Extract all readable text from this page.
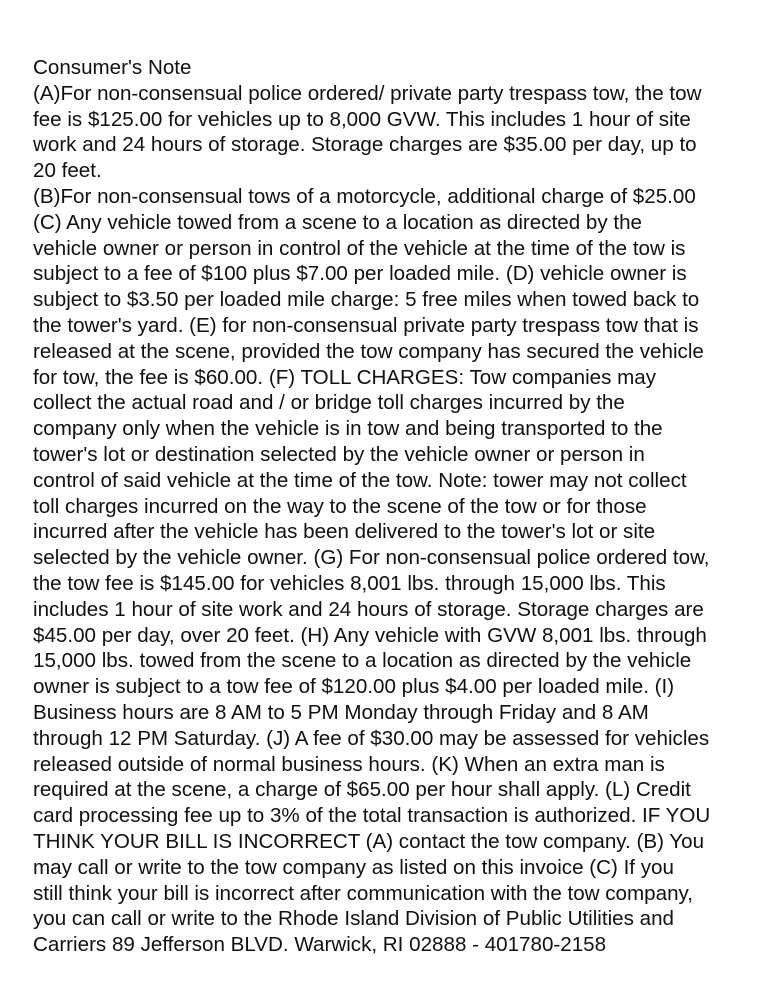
Consumer's Note
(A)For non-consensual police ordered/ private party trespass tow, the tow
fee is $125.00 for vehicles up to 8,000 GVW. This includes 1 hour of site
work and 24 hours of storage. Storage charges are $35.00 per day, up to
20 feet.
(B)For non-consensual tows of a motorcycle, additional charge of $25.00
(C) Any vehicle towed from a scene to a location as directed by the
vehicle owner or person in control of the vehicle at the time of the tow is
subject to a fee of $100 plus $7.00 per loaded mile. (D) vehicle owner is
subject to $3.50 per loaded mile charge: 5 free miles when towed back to
the tower's yard. (E) for non-consensual private party trespass tow that is
released at the scene, provided the tow company has secured the vehicle
for tow, the fee is $60.00. (F) TOLL CHARGES: Tow companies may
collect the actual road and / or bridge toll charges incurred by the
company only when the vehicle is in tow and being transported to the
tower's lot or destination selected by the vehicle owner or person in
control of said vehicle at the time of the tow. Note: tower may not collect
toll charges incurred on the way to the scene of the tow or for those
incurred after the vehicle has been delivered to the tower's lot or site
selected by the vehicle owner. (G) For non-consensual police ordered tow,
the tow fee is $145.00 for vehicles 8,001 lbs. through 15,000 lbs. This
includes 1 hour of site work and 24 hours of storage. Storage charges are
$45.00 per day, over 20 feet. (H) Any vehicle with GVW 8,001 lbs. through
15,000 lbs. towed from the scene to a location as directed by the vehicle
owner is subject to a tow fee of $120.00 plus $4.00 per loaded mile. (I)
Business hours are 8 AM to 5 PM Monday through Friday and 8 AM
through 12 PM Saturday. (J) A fee of $30.00 may be assessed for vehicles
released outside of normal business hours. (K) When an extra man is
required at the scene, a charge of $65.00 per hour shall apply. (L) Credit
card processing fee up to 3% of the total transaction is authorized. IF YOU
THINK YOUR BILL IS INCORRECT (A) contact the tow company. (B) You
may call or write to the tow company as listed on this invoice (C) If you
still think your bill is incorrect after communication with the tow company,
you can call or write to the Rhode Island Division of Public Utilities and
Carriers 89 Jefferson BLVD. Warwick, RI 02888 - 401780-2158
